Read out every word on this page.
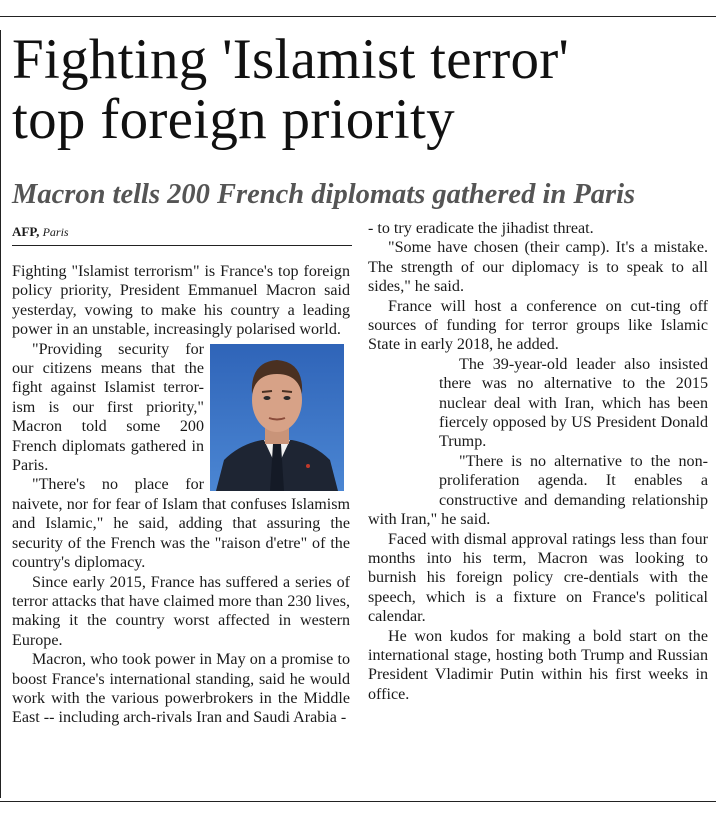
Fighting 'Islamist terror'
top foreign priority
Macron tells 200 French diplomats gathered in Paris
AFP, Paris

Fighting "Islamist terrorism" is France's top foreign policy priority, President Emmanuel Macron said yesterday, vowing to make his country a leading power in an unstable, increasingly polarised world.

"Providing security for our citizens means that the fight against Islamist terror-ism is our first priority," Macron told some 200 French diplomats gathered in Paris.

"There's no place for naivete, nor for fear of Islam that confuses Islamism and Islamic," he said, adding that assuring the security of the French was the "raison d'etre" of the country's diplomacy.

Since early 2015, France has suffered a series of terror attacks that have claimed more than 230 lives, making it the country worst affected in western Europe.

Macron, who took power in May on a promise to boost France's international standing, said he would work with the various powerbrokers in the Middle East -- including arch-rivals Iran and Saudi Arabia -

- to try eradicate the jihadist threat.

"Some have chosen (their camp). It's a mistake. The strength of our diplomacy is to speak to all sides," he said.

France will host a conference on cut-ting off sources of funding for terror groups like Islamic State in early 2018, he added.

The 39-year-old leader also insisted there was no alternative to the 2015 nuclear deal with Iran, which has been fiercely opposed by US President Donald Trump.

"There is no alternative to the non-proliferation agenda. It enables a constructive and demanding relationship with Iran," he said.

Faced with dismal approval ratings less than four months into his term, Macron was looking to burnish his foreign policy cre-dentials with the speech, which is a fixture on France's political calendar.

He won kudos for making a bold start on the international stage, hosting both Trump and Russian President Vladimir Putin within his first weeks in office.
